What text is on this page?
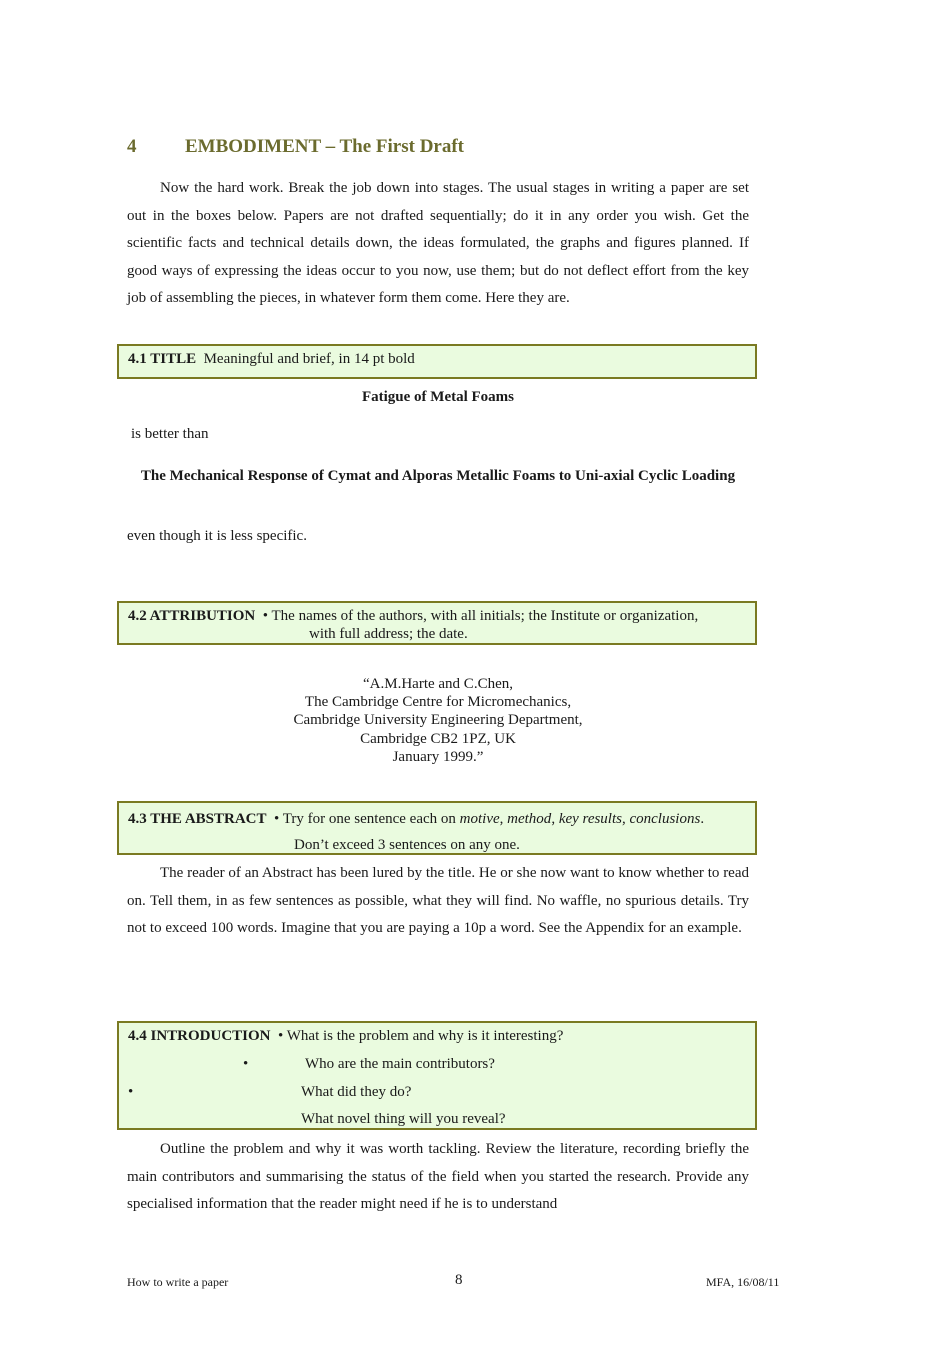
4	EMBODIMENT – The First Draft
Now the hard work. Break the job down into stages. The usual stages in writing a paper are set out in the boxes below. Papers are not drafted sequentially; do it in any order you wish. Get the scientific facts and technical details down, the ideas formulated, the graphs and figures planned. If good ways of expressing the ideas occur to you now, use them; but do not deflect effort from the key job of assembling the pieces, in whatever form them come. Here they are.
4.1 TITLE Meaningful and brief, in 14 pt bold
Fatigue of Metal Foams
is better than
The Mechanical Response of Cymat and Alporas Metallic Foams to Uni-axial Cyclic Loading
even though it is less specific.
4.2 ATTRIBUTION • The names of the authors, with all initials; the Institute or organization,
with full address; the date.
“A.M.Harte and C.Chen,
The Cambridge Centre for Micromechanics,
Cambridge University Engineering Department,
Cambridge CB2 1PZ, UK
January 1999.”
4.3 THE ABSTRACT • Try for one sentence each on motive, method, key results, conclusions.
Don’t exceed 3 sentences on any one.
The reader of an Abstract has been lured by the title. He or she now want to know whether to read on. Tell them, in as few sentences as possible, what they will find. No waffle, no spurious details. Try not to exceed 100 words. Imagine that you are paying a 10p a word. See the Appendix for an example.
4.4 INTRODUCTION • What is the problem and why is it interesting?
•	Who are the main contributors?
•	What did they do?
What novel thing will you reveal?
Outline the problem and why it was worth tackling. Review the literature, recording briefly the main contributors and summarising the status of the field when you started the research. Provide any specialised information that the reader might need if he is to understand
How to write a paper	8	MFA, 16/08/11
